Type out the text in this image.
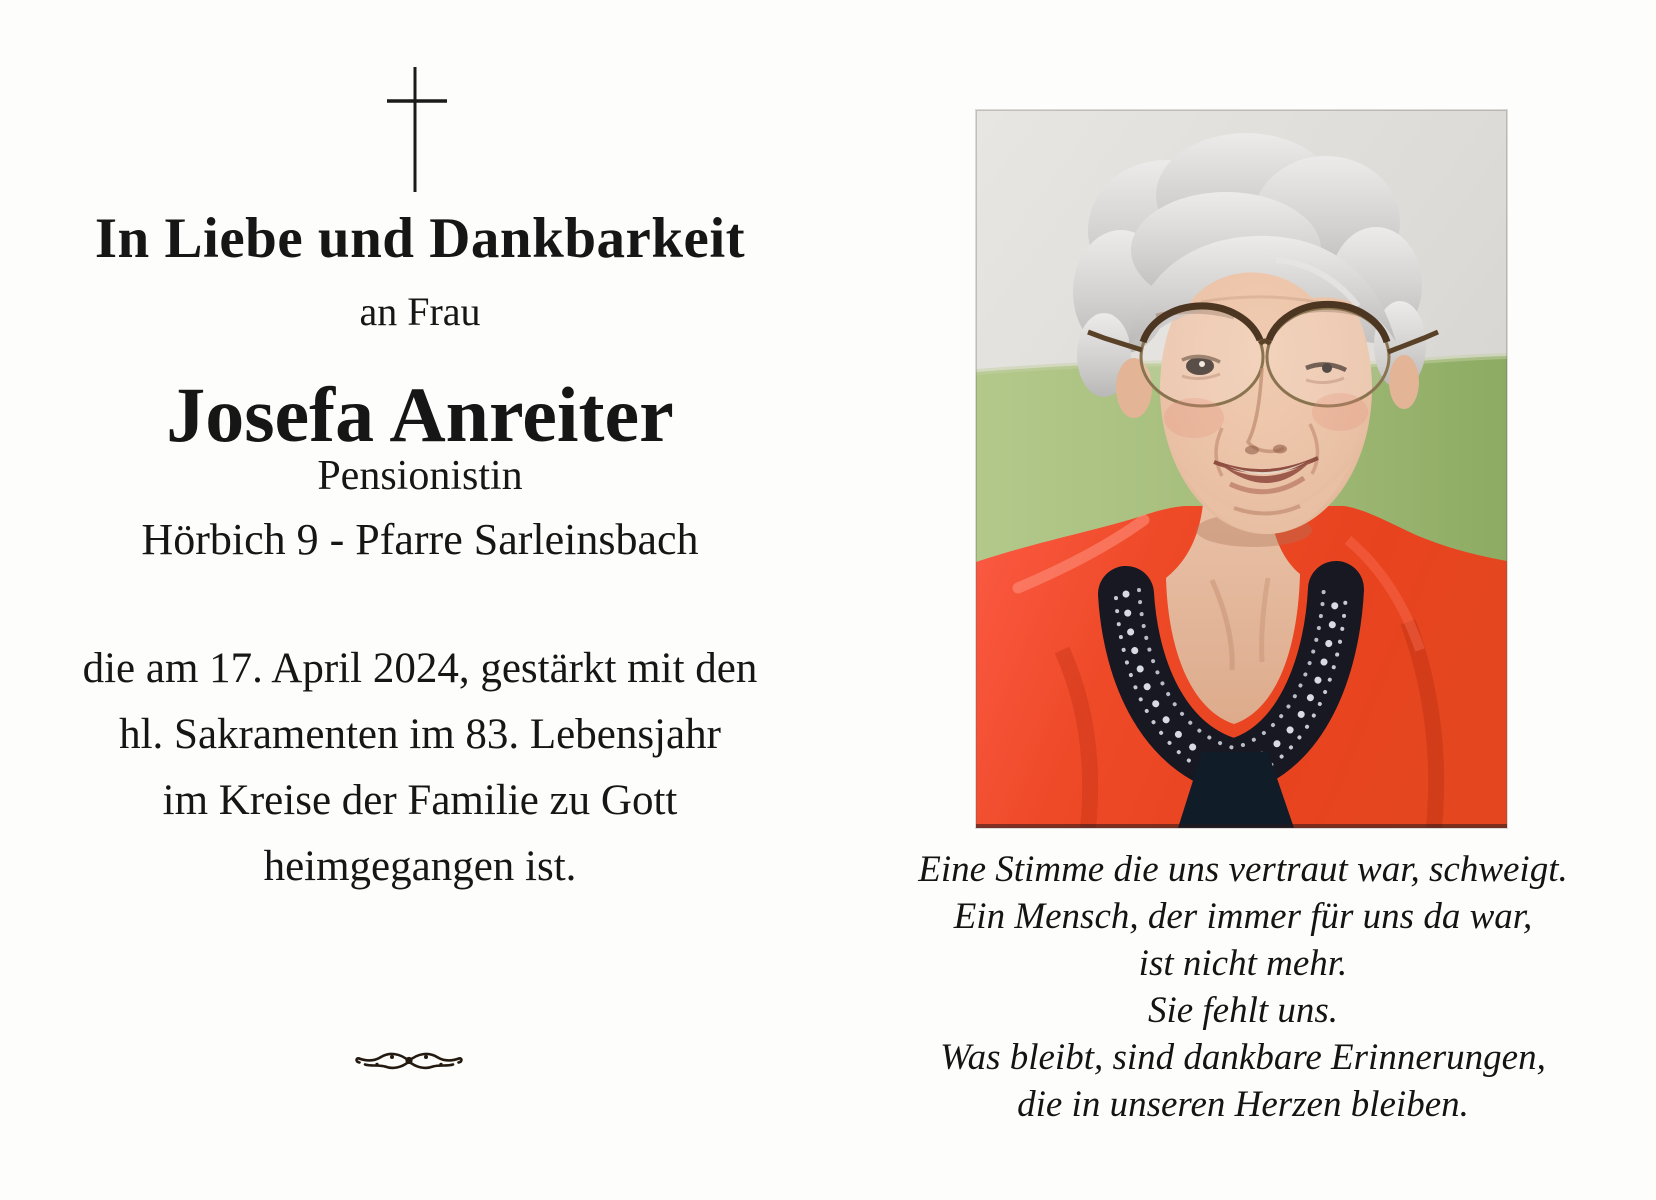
In Liebe und Dankbarkeit
an Frau
Josefa Anreiter
Pensionistin
Hörbich 9 - Pfarre Sarleinsbach
die am 17. April 2024, gestärkt mit den
hl. Sakramenten im 83. Lebensjahr
im Kreise der Familie zu Gott
heimgegangen ist.	Eine Stimme die uns vertraut war, schweigt.
Ein Mensch, der immer für uns da war,
ist nicht mehr.
Sie fehlt uns.
Was bleibt, sind dankbare Erinnerungen,
die in unseren Herzen bleiben.
